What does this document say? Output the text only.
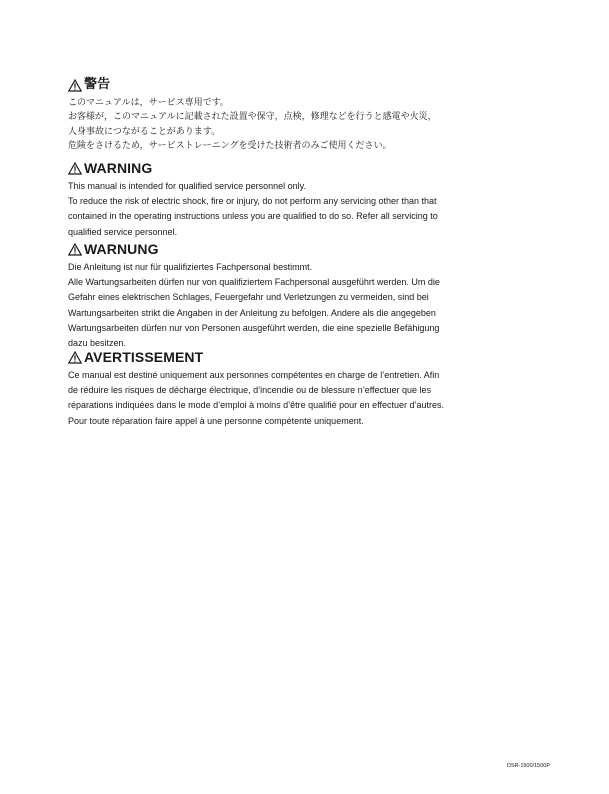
警告
このマニュアルは，サービス専用です。
お客様が，このマニュアルに記載された設置や保守，点検，修理などを行うと感電や火災，
人身事故につながることがあります。
危険をさけるため，サービストレーニングを受けた技術者のみご使用ください。
WARNING
This manual is intended for qualified service personnel only.
To reduce the risk of electric shock, fire or injury, do not perform any servicing other than that
contained in the operating instructions unless you are qualified to do so. Refer all servicing to
qualified service personnel.
WARNUNG
Die Anleitung ist nur für qualifiziertes Fachpersonal bestimmt.
Alle Wartungsarbeiten dürfen nur von qualifiziertem Fachpersonal ausgeführt werden. Um die
Gefahr eines elektrischen Schlages, Feuergefahr und Verletzungen zu vermeiden, sind bei
Wartungsarbeiten strikt die Angaben in der Anleitung zu befolgen. Andere als die angegeben
Wartungsarbeiten dürfen nur von Personen ausgeführt werden, die eine spezielle Befähigung
dazu besitzen.
AVERTISSEMENT
Ce manual est destiné uniquement aux personnes compétentes en charge de l’entretien. Afin
de réduire les risques de décharge électrique, d’incendie ou de blessure n’effectuer que les
réparations indiquées dans le mode d’emploi à moins d’être qualifié pour en effectuer d’autres.
Pour toute réparation faire appel à une personne compétente uniquement.
DSR-1500/1500P
